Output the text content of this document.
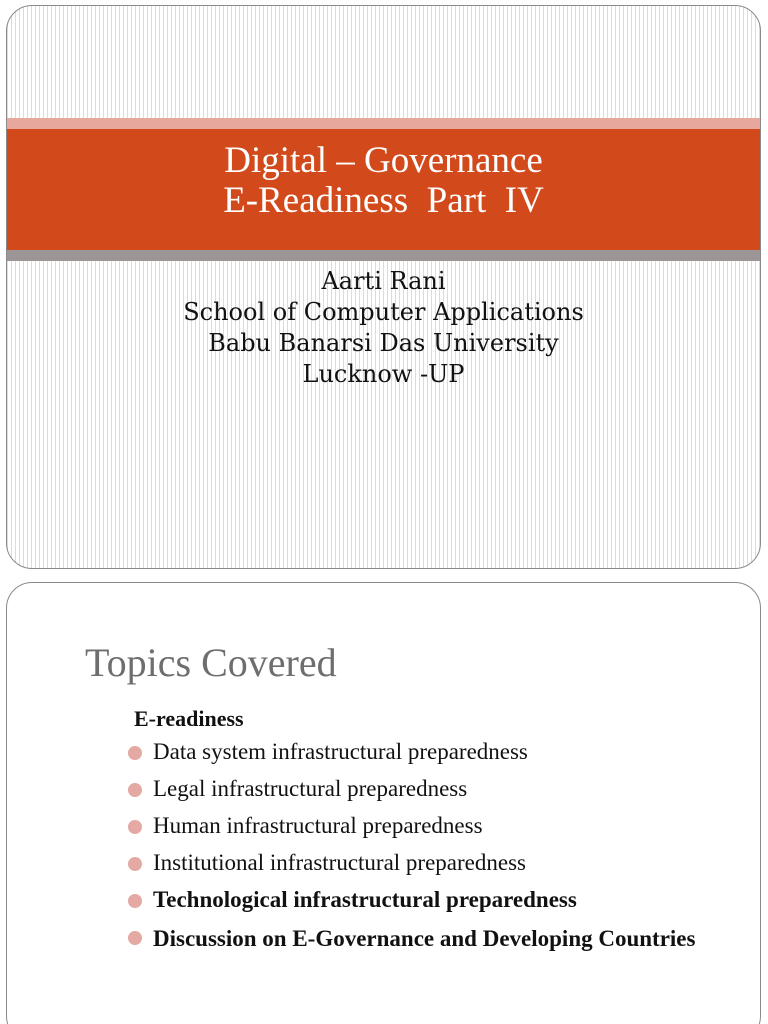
Digital – Governance
E-Readiness  Part  IV
Aarti Rani
School of Computer Applications
Babu Banarsi Das University
Lucknow -UP
Topics Covered
E-readiness
Data system infrastructural preparedness
Legal infrastructural preparedness
Human infrastructural preparedness
Institutional infrastructural preparedness
Technological infrastructural preparedness
Discussion on E-Governance and Developing Countries
